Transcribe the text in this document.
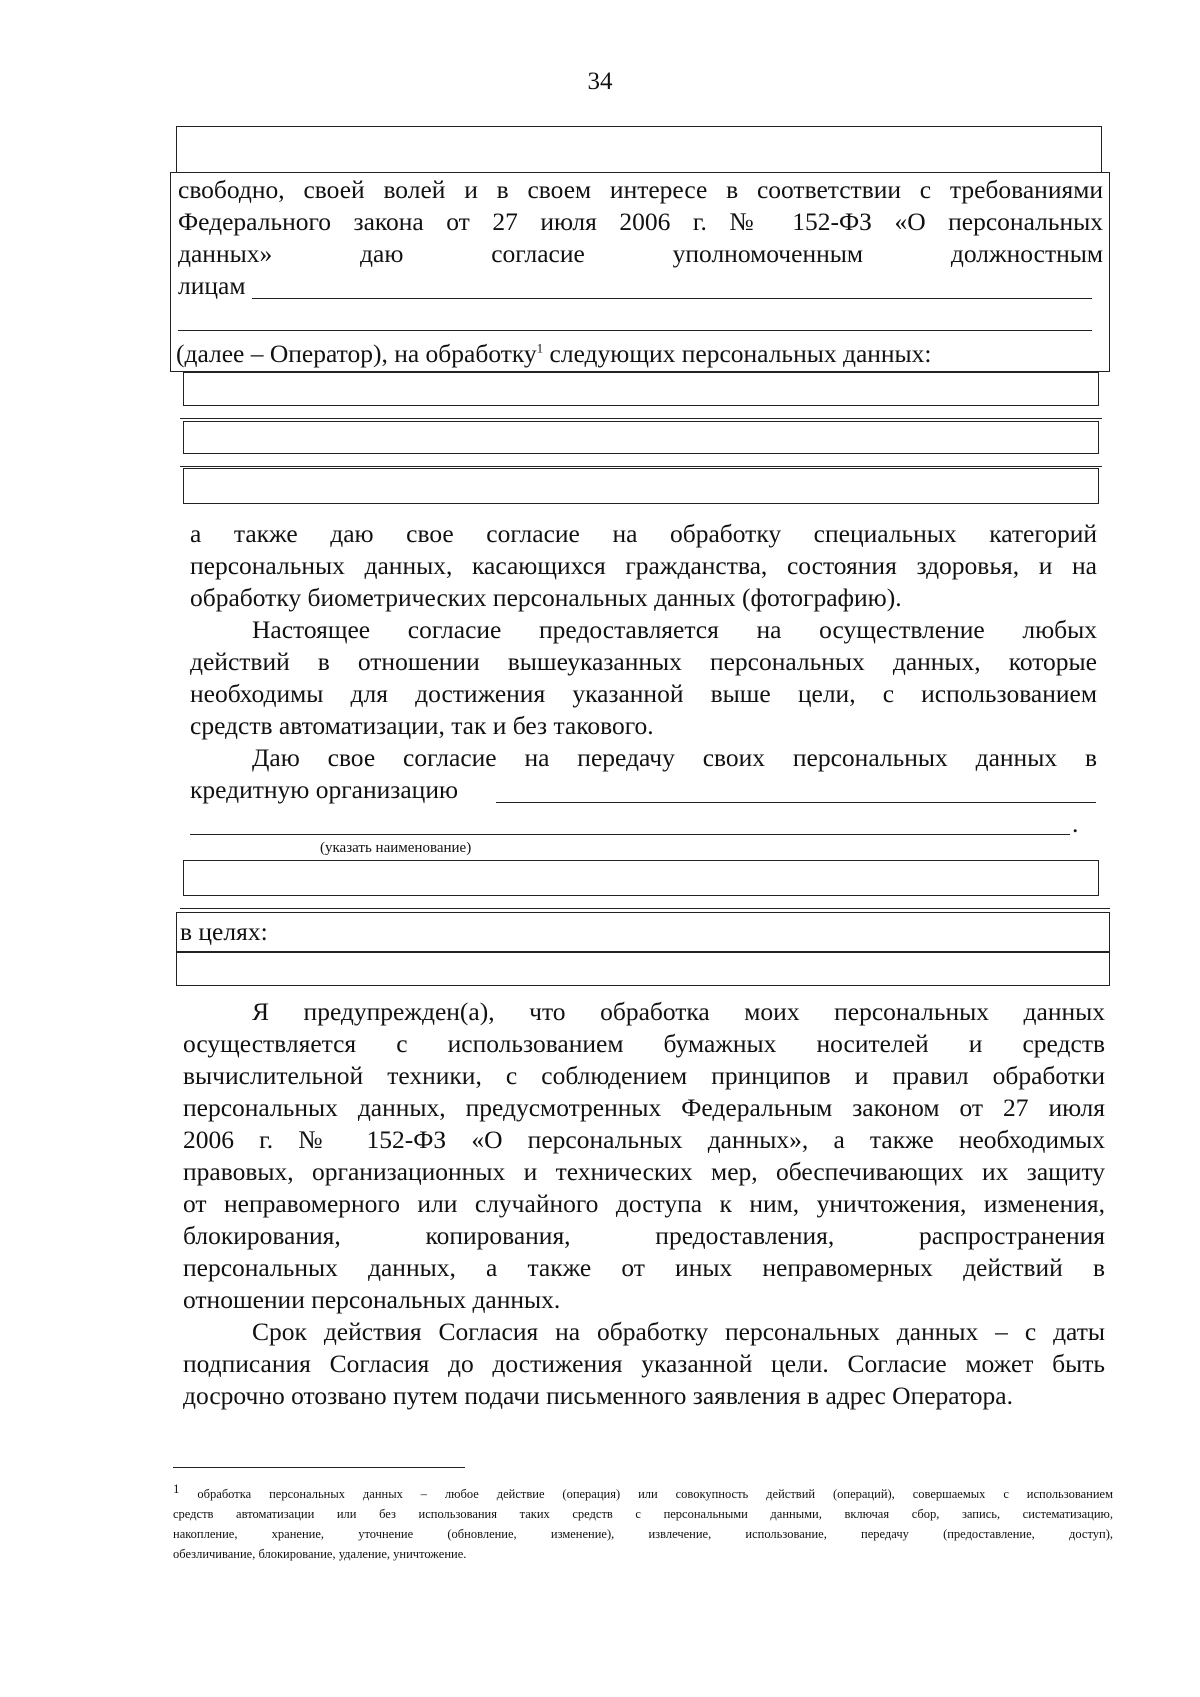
34
свободно, своей волей и в своем интересе в соответствии с требованиями
Федерального закона от 27 июля 2006 г. № 152-ФЗ «О персональных
данных» даю согласие уполномоченным должностным
лицам
(далее – Оператор), на обработку$^1$ следующих персональных данных:
а также даю свое согласие на обработку специальных категорий
персональных данных, касающихся гражданства, состояния здоровья, и на
обработку биометрических персональных данных (фотографию).
Настоящее согласие предоставляется на осуществление любых
действий в отношении вышеуказанных персональных данных, которые
необходимы для достижения указанной выше цели, с использованием
средств автоматизации, так и без такового.
Даю свое согласие на передачу своих персональных данных в
кредитную организацию
.
(указать наименование)
в целях:
Я предупрежден(а), что обработка моих персональных данных
осуществляется с использованием бумажных носителей и средств
вычислительной техники, с соблюдением принципов и правил обработки
персональных данных, предусмотренных Федеральным законом от 27 июля
2006 г. № 152-ФЗ «О персональных данных», а также необходимых
правовых, организационных и технических мер, обеспечивающих их защиту
от неправомерного или случайного доступа к ним, уничтожения, изменения,
блокирования, копирования, предоставления, распространения
персональных данных, а также от иных неправомерных действий в
отношении персональных данных.
Срок действия Согласия на обработку персональных данных – с даты
подписания Согласия до достижения указанной цели. Согласие может быть
досрочно отозвано путем подачи письменного заявления в адрес Оператора.
$^1$ обработка персональных данных – любое действие (операция) или совокупность действий (операций), совершаемых с использованием
средств автоматизации или без использования таких средств с персональными данными, включая сбор, запись, систематизацию,
накопление, хранение, уточнение (обновление, изменение), извлечение, использование, передачу (предоставление, доступ),
обезличивание, блокирование, удаление, уничтожение.
